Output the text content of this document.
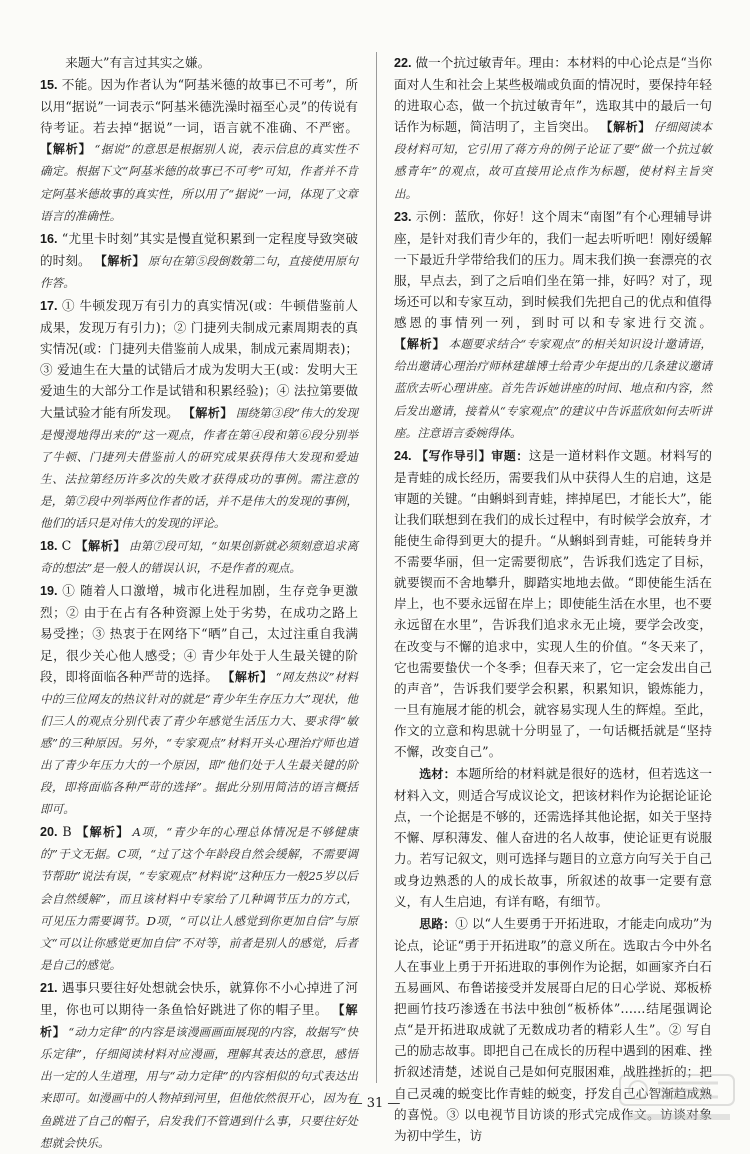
来题大”有言过其实之嫌。
15. 不能。因为作者认为“阿基米德的故事已不可考”，所以用“据说”一词表示“阿基米德洗澡时福至心灵”的传说有待考证。若去掉“据说”一词，语言就不准确、不严密。 【解析】 “据说”的意思是根据别人说，表示信息的真实性不确定。根据下文“阿基米德的故事已不可考”可知，作者并不肯定阿基米德故事的真实性，所以用了“据说”一词，体现了文章语言的准确性。
16. “尤里卡时刻”其实是慢直觉积累到一定程度导致突破的时刻。 【解析】 原句在第⑤段倒数第二句，直接使用原句作答。
17. ① 牛顿发现万有引力的真实情况(或：牛顿借鉴前人成果，发现万有引力)；② 门捷列夫制成元素周期表的真实情况(或：门捷列夫借鉴前人成果，制成元素周期表)；③ 爱迪生在大量的试错后才成为发明大王(或：发明大王爱迪生的大部分工作是试错和积累经验)；④ 法拉第要做大量试验才能有所发现。 【解析】 围绕第③段“伟大的发现是慢漫地得出来的”这一观点，作者在第④段和第⑥段分别举了牛顿、门捷列夫借鉴前人的研究成果获得伟大发现和爱迪生、法拉第经历许多次的失败才获得成功的事例。需注意的是，第⑦段中列举两位作者的话，并不是伟大的发现的事例，他们的话只是对伟大的发现的评论。
18. C 【解析】 由第⑦段可知，“如果创新就必须刻意追求离奇的想法”是一般人的错误认识，不是作者的观点。
19. ① 随着人口激增，城市化进程加剧，生存竞争更激烈；② 由于在占有各种资源上处于劣势，在成功之路上易受挫；③ 热衷于在网络下“晒”自己，太过注重自我满足，很少关心他人感受；④ 青少年处于人生最关键的阶段，即将面临各种严苛的选择。 【解析】 “网友热议”材料中的三位网友的热议针对的就是“青少年生存压力大”现状，他们三人的观点分别代表了青少年感觉生活压力大、要求得“敏感”的三种原因。另外，“专家观点”材料开头心理治疗师也道出了青少年压力大的一个原因，即“他们处于人生最关键的阶段，即将面临各种严苛的选择”。据此分别用简洁的语言概括即可。
20. B 【解析】 A项，“青少年的心理总体情况是不够健康的”于文无据。C项，“过了这个年龄段自然会缓解，不需要调节帮助”说法有误，“专家观点”材料说“这种压力一般25岁以后会自然缓解”，而且该材料中专家给了几种调节压力的方式，可见压力需要调节。D项，“可以让人感觉到你更加自信”与原文“可以让你感觉更加自信”不对等，前者是别人的感觉，后者是自己的感觉。
21. 遇事只要往好处想就会快乐，就算你不小心掉进了河里，你也可以期待一条鱼恰好跳进了你的帽子里。 【解析】 “动力定律”的内容是该漫画画面展现的内容，故据写“快乐定律”，仔细阅读材料对应漫画，理解其表达的意思，感悟出一定的人生道理，用与“动力定律”的内容相似的句式表达出来即可。如漫画中的人物掉到河里，但他依然很开心，因为有鱼跳进了自己的帽子，启发我们不管遇到什么事，只要往好处想就会快乐。
22. 做一个抗过敏青年。理由：本材料的中心论点是“当你面对人生和社会上某些极端或负面的情况时，要保持年轻的进取心态，做一个抗过敏青年”，选取其中的最后一句话作为标题，简洁明了，主旨突出。 【解析】 仔细阅读本段材料可知，它引用了蒋方舟的例子论证了要“做一个抗过敏感青年”的观点，故可直接用论点作为标题，使材料主旨突出。
23. 示例：蓝欣，你好！这个周末“南图”有个心理辅导讲座，是针对我们青少年的，我们一起去听听吧！刚好缓解一下最近升学带给我们的压力。周末我们换一套漂亮的衣服，早点去，到了之后咱们坐在第一排，好吗？对了，现场还可以和专家互动，到时候我们先把自己的优点和值得感恩的事情列一列，到时可以和专家进行交流。 【解析】 本题要求结合“专家观点”的相关知识设计邀请语，给出邀请心理治疗师林建雄博士给青少年提出的几条建议邀请蓝欣去听心理讲座。首先告诉她讲座的时间、地点和内容，然后发出邀请，接着从“专家观点”的建议中告诉蓝欣如何去听讲座。注意语言委婉得体。
24. 【写作导引】审题：这是一道材料作文题。材料写的是青蛙的成长经历，需要我们从中获得人生的启迪，这是审题的关键。“由蝌蚪到青蛙，摔掉尾巴，才能长大”，能让我们联想到在我们的成长过程中，有时候学会放弃，才能使生命得到更大的提升。“从蝌蚪到青蛙，可能转身并不需要华丽，但一定需要彻底”，告诉我们选定了目标，就要锲而不舍地攀升，脚踏实地地去做。“即使能生活在岸上，也不要永远留在岸上；即使能生活在水里，也不要永远留在水里”，告诉我们追求永无止境，要学会改变，在改变与不懈的追求中，实现人生的价值。“冬天来了，它也需要蛰伏一个冬季；但春天来了，它一定会发出自己的声音”，告诉我们要学会积累，积累知识，锻炼能力，一旦有施展才能的机会，就容易实现人生的辉煌。至此，作文的立意和构思就十分明显了，一句话概括就是“坚持不懈，改变自己”。
选材：本题所给的材料就是很好的选材，但若选这一材料入文，则适合写成议论文，把该材料作为论据论证论点，一个论据是不够的，还需选择其他论据，如关于坚持不懈、厚积薄发、催人奋进的名人故事，使论证更有说服力。若写记叙文，则可选择与题目的立意方向写关于自己或身边熟悉的人的成长故事，所叙述的故事一定要有意义，有人生启迪，有详有略，有细节。
思路：① 以“人生要勇于开拓进取，才能走向成功”为论点，论证“勇于开拓进取”的意义所在。选取古今中外名人在事业上勇于开拓进取的事例作为论据，如画家齐白石五易画风、布鲁诺接受并发展哥白尼的日心学说、郑板桥把画竹技巧渗透在书法中独创“板桥体”……结尾强调论点“是开拓进取成就了无数成功者的精彩人生”。② 写自己的励志故事。即把自己在成长的历程中遇到的困难、挫折叙述清楚，述说自己是如何克服困难，战胜挫折的；把自己灵魂的蜕变比作青蛙的蜕变，抒发自己心智渐趋成熟的喜悦。③ 以电视节目访谈的形式完成作文。访谈对象为初中学生，访
— 31 —
